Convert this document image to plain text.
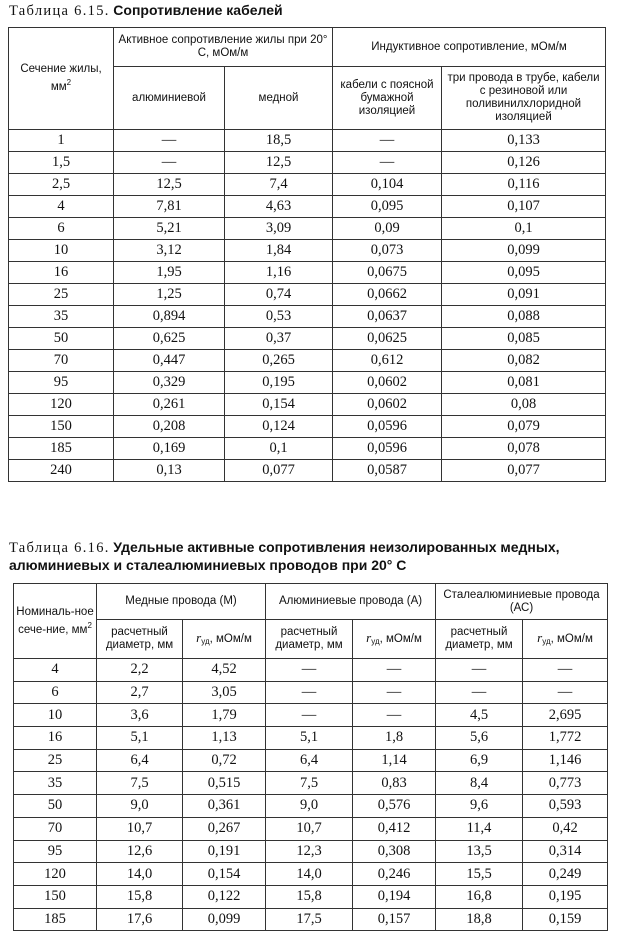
Таблица 6.15. Сопротивление кабелей
Сечение жилы, $мм^2$	Активное сопротивление жилы при 20° С, мОм/м		Индуктивное сопротивление, мОм/м	
	алюминиевой	медной	кабели с поясной бумажной изоляцией	три провода в трубе, кабели с резиновой или поливинилхлоридной изоляцией
1	—	18,5	—	0,133
1,5	—	12,5	—	0,126
2,5	12,5	7,4	0,104	0,116
4	7,81	4,63	0,095	0,107
6	5,21	3,09	0,09	0,1
10	3,12	1,84	0,073	0,099
16	1,95	1,16	0,0675	0,095
25	1,25	0,74	0,0662	0,091
35	0,894	0,53	0,0637	0,088
50	0,625	0,37	0,0625	0,085
70	0,447	0,265	0,612	0,082
95	0,329	0,195	0,0602	0,081
120	0,261	0,154	0,0602	0,08
150	0,208	0,124	0,0596	0,079
185	0,169	0,1	0,0596	0,078
240	0,13	0,077	0,0587	0,077
Таблица 6.16. Удельные активные сопротивления неизолированных медных, алюминиевых и сталеалюминиевых проводов при 20° С
Номиналь-ное сече-ние, $мм^2$	Медные провода (М)		Алюминиевые провода (А)		Сталеалюминиевые провода (АС)	
	расчетный диаметр, мм	$r_{уд}$, мОм/м	расчетный диаметр, мм	$r_{уд}$, мОм/м	расчетный диаметр, мм	$r_{уд}$, мОм/м
4	2,2	4,52	—	—	—	—
6	2,7	3,05	—	—	—	—
10	3,6	1,79	—	—	4,5	2,695
16	5,1	1,13	5,1	1,8	5,6	1,772
25	6,4	0,72	6,4	1,14	6,9	1,146
35	7,5	0,515	7,5	0,83	8,4	0,773
50	9,0	0,361	9,0	0,576	9,6	0,593
70	10,7	0,267	10,7	0,412	11,4	0,42
95	12,6	0,191	12,3	0,308	13,5	0,314
120	14,0	0,154	14,0	0,246	15,5	0,249
150	15,8	0,122	15,8	0,194	16,8	0,195
185	17,6	0,099	17,5	0,157	18,8	0,159
